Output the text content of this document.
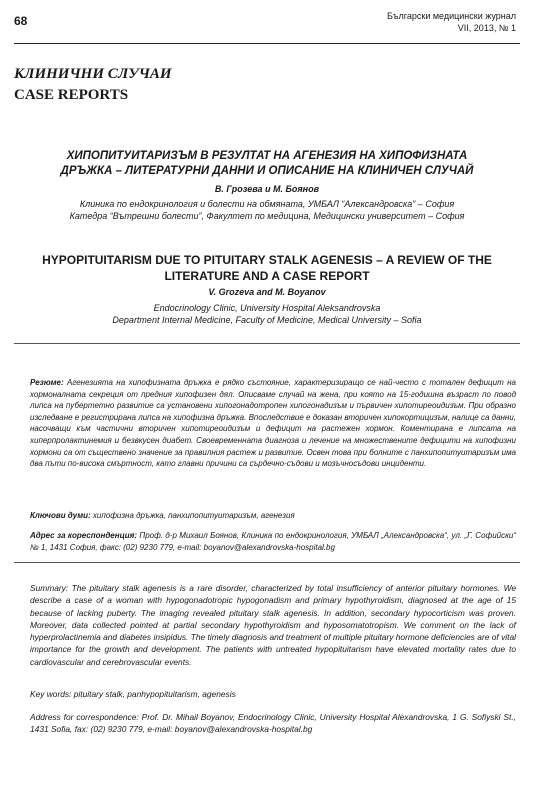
68	Български медицински журнал
VII, 2013, № 1
КЛИНИЧНИ СЛУЧАИ
CASE REPORTS
ХИПОПИТУИТАРИЗЪМ В РЕЗУЛТАТ НА АГЕНЕЗИЯ НА ХИПОФИЗНАТА
ДРЪЖКА – ЛИТЕРАТУРНИ ДАННИ И ОПИСАНИЕ НА КЛИНИЧЕН СЛУЧАЙ
В. Грозева и М. Боянов
Клиника по ендокринология и болести на обмяната, УМБАЛ “Александровска” – София
Катедра “Вътрешни болести”, Факултет по медицина, Медицински университет – София
HYPOPITUITARISM DUE TO PITUITARY STALK AGENESIS – A REVIEW OF THE
LITERATURE AND A CASE REPORT
V. Grozeva and M. Boyanov
Endocrinology Clinic, University Hospital Aleksandrovska
Department Internal Medicine, Faculty of Medicine, Medical University – Sofia
Резюме: Агенезията на хипофизната дръжка е рядко състояние, характеризиращо се най-често с тотален дефицит на хормоналната секреция от предния хипофизен дял. Описваме случай на жена, при която на 15-годишна възраст по повод липса на пубертетно развитие са установени хипогонадотропен хипогонадизъм и първичен хипотиреоидизъм. При образно изследване е регистрирана липса на хипофизна дръжка. Впоследствие е доказан вторичен хипокортицизъм, налице са данни, насочващи към частични вторичен хипотиреоидизъм и дефицит на растежен хормон. Коментирана е липсата на хиперпролактинемия и безвкусен диабет. Своевременната диагноза и лечение на множествените дефицити на хипофизни хормони са от съществено значение за правилния растеж и развитие. Освен това при болните с панхипопитуитаризъм има два пъти по-висока смъртност, като главни причини са сърдечно-съдови и мозъчносъдови инциденти.
Ключови думи: хипофизна дръжка, панхипопитуитаризъм, агенезия
Адрес за кореспонденция: Проф. д-р Михаил Боянов, Клиника по ендокринология, УМБАЛ „Александровска“, ул. „Г. Софийски“ № 1, 1431 София, факс: (02) 9230 779, e-mail: boyanov@alexandrovska-hospital.bg
Summary: The pituitary stalk agenesis is a rare disorder, characterized by total insufficiency of anterior pituitary hormones. We describe a case of a woman with hypogonadotropic hypogonadism and primary hypothyroidism, diagnosed at the age of 15 because of lacking puberty. The imaging revealed pituitary stalk agenesis. In addition, secondary hypocorticism was proven. Moreover, data collected pointed at partial secondary hypothyroidism and hyposomatotropism. We comment on the lack of hyperprolactinemia and diabetes insipidus. The timely diagnosis and treatment of multiple pituitary hormone deficiencies are of vital importance for the growth and development. The patients with untreated hypopituitarism have elevated mortality rates due to cardiovascular and cerebrovascular events.
Key words: pituitary stalk, panhypopituitarism, agenesis
Address for correspondence: Prof. Dr. Mihail Boyanov, Endocrinology Clinic, University Hospital Alexandrovska, 1 G. Sofiyski St., 1431 Sofia, fax: (02) 9230 779, e-mail: boyanov@alexandrovska-hospital.bg
